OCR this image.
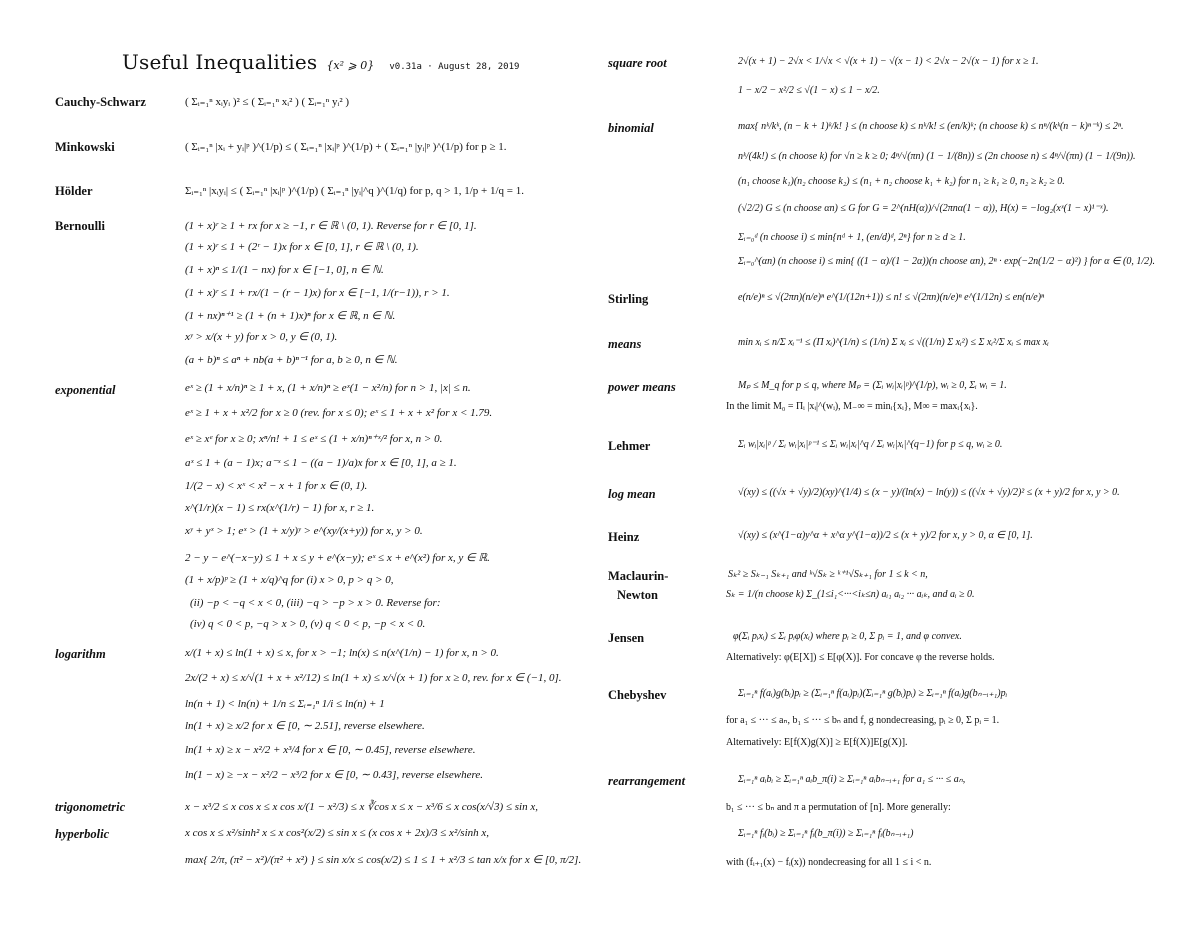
Useful Inequalities {x² ⩾ 0} v0.31a · August 28, 2019
Cauchy-Schwarz	( Σᵢ₌₁ⁿ xᵢyᵢ )² ≤ ( Σᵢ₌₁ⁿ xᵢ² ) ( Σᵢ₌₁ⁿ yᵢ² )
Minkowski	( Σᵢ₌₁ⁿ |xᵢ + yᵢ|ᵖ )^(1/p) ≤ ( Σᵢ₌₁ⁿ |xᵢ|ᵖ )^(1/p) + ( Σᵢ₌₁ⁿ |yᵢ|ᵖ )^(1/p) for p ≥ 1.
Hölder	Σᵢ₌₁ⁿ |xᵢyᵢ| ≤ ( Σᵢ₌₁ⁿ |xᵢ|ᵖ )^(1/p) ( Σᵢ₌₁ⁿ |yᵢ|^q )^(1/q) for p, q > 1, 1/p + 1/q = 1.
Bernoulli	(1 + x)ʳ ≥ 1 + rx for x ≥ −1, r ∈ ℝ \ (0, 1). Reverse for r ∈ [0, 1].
(1 + x)ʳ ≤ 1 + (2ʳ − 1)x for x ∈ [0, 1], r ∈ ℝ \ (0, 1).
(1 + x)ⁿ ≤ 1/(1 − nx) for x ∈ [−1, 0], n ∈ ℕ.
(1 + x)ʳ ≤ 1 + rx/(1 − (r − 1)x) for x ∈ [−1, 1/(r−1)), r > 1.
(1 + nx)ⁿ⁺¹ ≥ (1 + (n + 1)x)ⁿ for x ∈ ℝ, n ∈ ℕ.
xʸ > x/(x + y) for x > 0, y ∈ (0, 1).
(a + b)ⁿ ≤ aⁿ + nb(a + b)ⁿ⁻¹ for a, b ≥ 0, n ∈ ℕ.
exponential	eˣ ≥ (1 + x/n)ⁿ ≥ 1 + x, (1 + x/n)ⁿ ≥ eˣ(1 − x²/n) for n > 1, |x| ≤ n.
eˣ ≥ 1 + x + x²/2 for x ≥ 0 (rev. for x ≤ 0); eˣ ≤ 1 + x + x² for x < 1.79.
eˣ ≥ xᵉ for x ≥ 0; xⁿ/n! + 1 ≤ eˣ ≤ (1 + x/n)ⁿ⁺ˣ/² for x, n > 0.
aˣ ≤ 1 + (a − 1)x; a⁻ˣ ≤ 1 − ((a − 1)/a)x for x ∈ [0, 1], a ≥ 1.
1/(2 − x) < xˣ < x² − x + 1 for x ∈ (0, 1).
x^(1/r)(x − 1) ≤ rx(x^(1/r) − 1) for x, r ≥ 1.
xʸ + yˣ > 1; eˣ > (1 + x/y)ʸ > e^(xy/(x+y)) for x, y > 0.
2 − y − e^(−x−y) ≤ 1 + x ≤ y + e^(x−y); eˣ ≤ x + e^(x²) for x, y ∈ ℝ.
(1 + x/p)ᵖ ≥ (1 + x/q)^q for (i) x > 0, p > q > 0,
(ii) −p < −q < x < 0, (iii) −q > −p > x > 0. Reverse for:
(iv) q < 0 < p, −q > x > 0, (v) q < 0 < p, −p < x < 0.
logarithm	x/(1 + x) ≤ ln(1 + x) ≤ x, for x > −1; ln(x) ≤ n(x^(1/n) − 1) for x, n > 0.
2x/(2 + x) ≤ x/√(1 + x + x²/12) ≤ ln(1 + x) ≤ x/√(x + 1) for x ≥ 0, rev. for x ∈ (−1, 0].
ln(n + 1) < ln(n) + 1/n ≤ Σᵢ₌₁ⁿ 1/i ≤ ln(n) + 1
ln(1 + x) ≥ x/2 for x ∈ [0, ∼ 2.51], reverse elsewhere.
ln(1 + x) ≥ x − x²/2 + x³/4 for x ∈ [0, ∼ 0.45], reverse elsewhere.
ln(1 − x) ≥ −x − x²/2 − x³/2 for x ∈ [0, ∼ 0.43], reverse elsewhere.
trigonometric	x − x³/2 ≤ x cos x ≤ x cos x/(1 − x²/3) ≤ x ∛cos x ≤ x − x³/6 ≤ x cos(x/√3) ≤ sin x,
hyperbolic	x cos x ≤ x²/sinh² x ≤ x cos²(x/2) ≤ sin x ≤ (x cos x + 2x)/3 ≤ x²/sinh x,
max{ 2/π, (π² − x²)/(π² + x²) } ≤ sin x/x ≤ cos(x/2) ≤ 1 ≤ 1 + x²/3 ≤ tan x/x for x ∈ [0, π/2].
square root	2√(x + 1) − 2√x < 1/√x < √(x + 1) − √(x − 1) < 2√x − 2√(x − 1) for x ≥ 1.
1 − x/2 − x²/2 ≤ √(1 − x) ≤ 1 − x/2.
binomial	max{ nᵏ/kᵏ, (n − k + 1)ᵏ/k! } ≤ (n choose k) ≤ nᵏ/k! ≤ (en/k)ᵏ; (n choose k) ≤ nⁿ/(kᵏ(n − k)ⁿ⁻ᵏ) ≤ 2ⁿ.
nᵏ/(4k!) ≤ (n choose k) for √n ≥ k ≥ 0; 4ⁿ/√(πn) (1 − 1/(8n)) ≤ (2n choose n) ≤ 4ⁿ/√(πn) (1 − 1/(9n)).
(n₁ choose k₁)(n₂ choose k₂) ≤ (n₁ + n₂ choose k₁ + k₂) for n₁ ≥ k₁ ≥ 0, n₂ ≥ k₂ ≥ 0.
(√2/2) G ≤ (n choose αn) ≤ G for G = 2^(nH(α))/√(2πnα(1 − α)), H(x) = −log₂(xˣ(1 − x)¹⁻ˣ).
Σᵢ₌₀ᵈ (n choose i) ≤ min{nᵈ + 1, (en/d)ᵈ, 2ⁿ} for n ≥ d ≥ 1.
Σᵢ₌₀^(αn) (n choose i) ≤ min{ ((1 − α)/(1 − 2α))(n choose αn), 2ⁿ · exp(−2n(1/2 − α)²) } for α ∈ (0, 1/2).
Stirling	e(n/e)ⁿ ≤ √(2πn)(n/e)ⁿ e^(1/(12n+1)) ≤ n! ≤ √(2πn)(n/e)ⁿ e^(1/12n) ≤ en(n/e)ⁿ
means	min xᵢ ≤ n/Σ xᵢ⁻¹ ≤ (Π xᵢ)^(1/n) ≤ (1/n) Σ xᵢ ≤ √((1/n) Σ xᵢ²) ≤ Σ xᵢ²/Σ xᵢ ≤ max xᵢ
power means	Mₚ ≤ M_q for p ≤ q, where Mₚ = (Σᵢ wᵢ|xᵢ|ᵖ)^(1/p), wᵢ ≥ 0, Σᵢ wᵢ = 1.
In the limit M₀ = Πᵢ |xᵢ|^(wᵢ), M₋∞ = minᵢ{xᵢ}, M∞ = maxᵢ{xᵢ}.
Lehmer	Σᵢ wᵢ|xᵢ|ᵖ / Σᵢ wᵢ|xᵢ|ᵖ⁻¹ ≤ Σᵢ wᵢ|xᵢ|^q / Σᵢ wᵢ|xᵢ|^(q−1) for p ≤ q, wᵢ ≥ 0.
log mean	√(xy) ≤ ((√x + √y)/2)(xy)^(1/4) ≤ (x − y)/(ln(x) − ln(y)) ≤ ((√x + √y)/2)² ≤ (x + y)/2 for x, y > 0.
Heinz	√(xy) ≤ (x^(1−α)y^α + x^α y^(1−α))/2 ≤ (x + y)/2 for x, y > 0, α ∈ [0, 1].
Maclaurin-
Newton
Sₖ² ≥ Sₖ₋₁ Sₖ₊₁ and ᵏ√Sₖ ≥ ᵏ⁺¹√Sₖ₊₁ for 1 ≤ k < n,
Sₖ = 1/(n choose k) Σ_(1≤i₁<···<iₖ≤n) aᵢ₁ aᵢ₂ ··· aᵢₖ, and aᵢ ≥ 0.
Jensen	φ(Σᵢ pᵢxᵢ) ≤ Σᵢ pᵢφ(xᵢ) where pᵢ ≥ 0, Σ pᵢ = 1, and φ convex.
Alternatively: φ(E[X]) ≤ E[φ(X)]. For concave φ the reverse holds.
Chebyshev	Σᵢ₌₁ⁿ f(aᵢ)g(bᵢ)pᵢ ≥ (Σᵢ₌₁ⁿ f(aᵢ)pᵢ)(Σᵢ₌₁ⁿ g(bᵢ)pᵢ) ≥ Σᵢ₌₁ⁿ f(aᵢ)g(bₙ₋ᵢ₊₁)pᵢ
for a₁ ≤ ··· ≤ aₙ, b₁ ≤ ··· ≤ bₙ and f, g nondecreasing, pᵢ ≥ 0, Σ pᵢ = 1.
Alternatively: E[f(X)g(X)] ≥ E[f(X)]E[g(X)].
rearrangement	Σᵢ₌₁ⁿ aᵢbᵢ ≥ Σᵢ₌₁ⁿ aᵢb_π(i) ≥ Σᵢ₌₁ⁿ aᵢbₙ₋ᵢ₊₁ for a₁ ≤ ··· ≤ aₙ,
b₁ ≤ ··· ≤ bₙ and π a permutation of [n]. More generally:
Σᵢ₌₁ⁿ fᵢ(bᵢ) ≥ Σᵢ₌₁ⁿ fᵢ(b_π(i)) ≥ Σᵢ₌₁ⁿ fᵢ(bₙ₋ᵢ₊₁)
with (fᵢ₊₁(x) − fᵢ(x)) nondecreasing for all 1 ≤ i < n.
